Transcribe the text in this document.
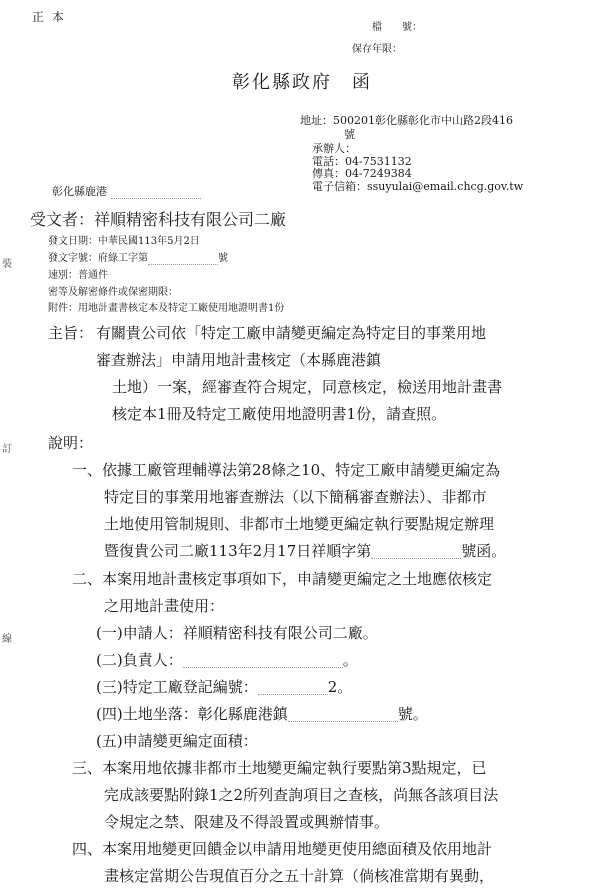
正 本
檔　　號：
保存年限：
彰化縣政府　函
地址：500201彰化縣彰化市中山路2段416
號
承辦人：
電話：04-7531132
傳真：04-7249384
電子信箱：ssuyulai@email.chcg.gov.tw
彰化縣鹿港
受文者：祥順精密科技有限公司二廠
發文日期：中華民國113年5月2日
發文字號：府綠工字第	號
速別：普通件
密等及解密條件或保密期限：
附件：用地計畫書核定本及特定工廠使用地證明書1份
主旨： 有關貴公司依「特定工廠申請變更編定為特定目的事業用地
審查辦法」申請用地計畫核定（本縣鹿港鎮
土地）一案，經審查符合規定，同意核定，檢送用地計畫書
核定本1冊及特定工廠使用地證明書1份，請查照。
說明：
一、依據工廠管理輔導法第28條之10、特定工廠申請變更編定為
特定目的事業用地審查辦法（以下簡稱審查辦法）、非都市
土地使用管制規則、非都市土地變更編定執行要點規定辦理
暨復貴公司二廠113年2月17日祥順字第	號函。
二、本案用地計畫核定事項如下，申請變更編定之土地應依核定
之用地計畫使用：
(一)申請人：祥順精密科技有限公司二廠。
(二)負責人：	。
(三)特定工廠登記編號：	2。
(四)土地坐落：彰化縣鹿港鎮	號。
(五)申請變更編定面積：
三、本案用地依據非都市土地變更編定執行要點第3點規定，已
完成該要點附錄1之2所列查詢項目之查核，尚無各該項目法
令規定之禁、限建及不得設置或興辦情事。
四、本案用地變更回饋金以申請用地變更使用總面積及依用地計
畫核定當期公告現值百分之五十計算（倘核准當期有異動，
裝
訂
線
